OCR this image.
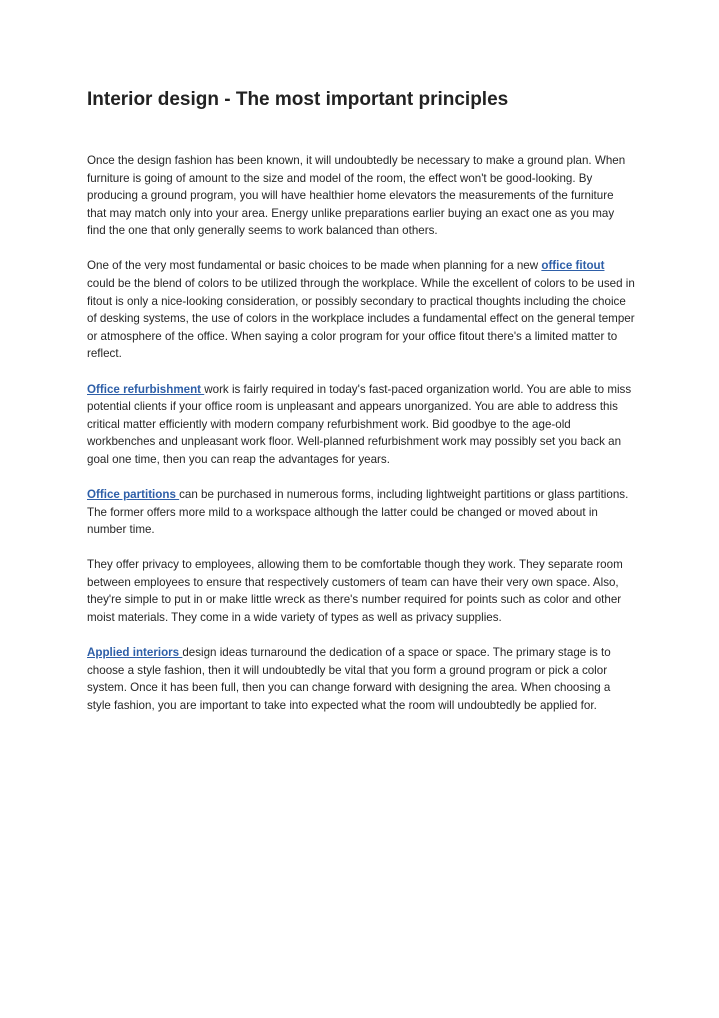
Interior design - The most important principles

Once the design fashion has been known, it will undoubtedly be necessary to make a ground plan. When furniture is going of amount to the size and model of the room, the effect won't be good-looking. By producing a ground program, you will have healthier home elevators the measurements of the furniture that may match only into your area. Energy unlike preparations earlier buying an exact one as you may find the one that only generally seems to work balanced than others.

One of the very most fundamental or basic choices to be made when planning for a new office fitout could be the blend of colors to be utilized through the workplace. While the excellent of colors to be used in fitout is only a nice-looking consideration, or possibly secondary to practical thoughts including the choice of desking systems, the use of colors in the workplace includes a fundamental effect on the general temper or atmosphere of the office. When saying a color program for your office fitout there's a limited matter to reflect.

Office refurbishment work is fairly required in today's fast-paced organization world. You are able to miss potential clients if your office room is unpleasant and appears unorganized. You are able to address this critical matter efficiently with modern company refurbishment work. Bid goodbye to the age-old workbenches and unpleasant work floor. Well-planned refurbishment work may possibly set you back an goal one time, then you can reap the advantages for years.

Office partitions can be purchased in numerous forms, including lightweight partitions or glass partitions. The former offers more mild to a workspace although the latter could be changed or moved about in number time.

They offer privacy to employees, allowing them to be comfortable though they work. They separate room between employees to ensure that respectively customers of team can have their very own space. Also, they're simple to put in or make little wreck as there's number required for points such as color and other moist materials. They come in a wide variety of types as well as privacy supplies.

Applied interiors design ideas turnaround the dedication of a space or space. The primary stage is to choose a style fashion, then it will undoubtedly be vital that you form a ground program or pick a color system. Once it has been full, then you can change forward with designing the area. When choosing a style fashion, you are important to take into expected what the room will undoubtedly be applied for.
